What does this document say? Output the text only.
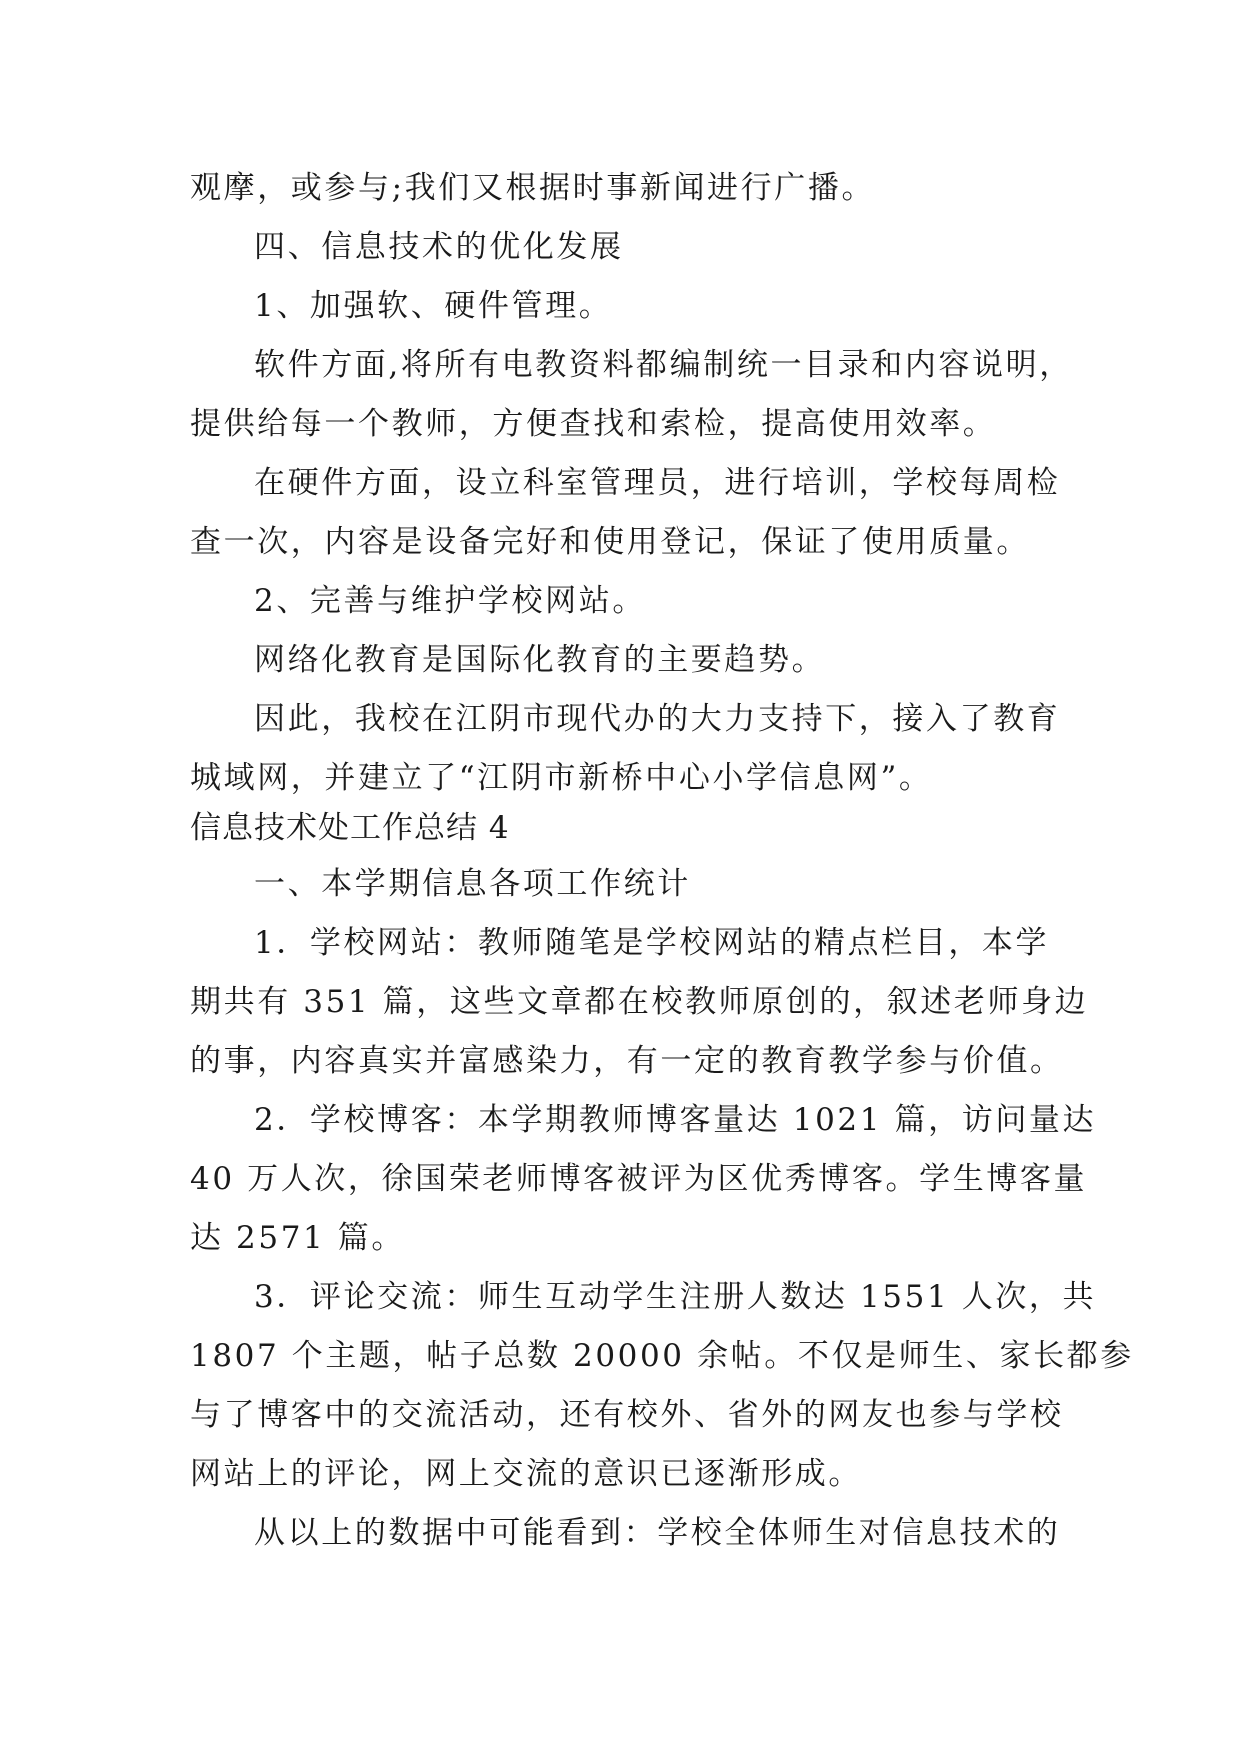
观摩，或参与;我们又根据时事新闻进行广播。
四、信息技术的优化发展
1、加强软、硬件管理。
软件方面,将所有电教资料都编制统一目录和内容说明，
提供给每一个教师，方便查找和索检，提高使用效率。
在硬件方面，设立科室管理员，进行培训，学校每周检
查一次，内容是设备完好和使用登记，保证了使用质量。
2、完善与维护学校网站。
网络化教育是国际化教育的主要趋势。
因此，我校在江阴市现代办的大力支持下，接入了教育
城域网，并建立了“江阴市新桥中心小学信息网”。
信息技术处工作总结 4
一、本学期信息各项工作统计
1．学校网站：教师随笔是学校网站的精点栏目，本学
期共有 351 篇，这些文章都在校教师原创的，叙述老师身边
的事，内容真实并富感染力，有一定的教育教学参与价值。
2．学校博客：本学期教师博客量达 1021 篇，访问量达
40 万人次，徐国荣老师博客被评为区优秀博客。学生博客量
达 2571 篇。
3．评论交流：师生互动学生注册人数达 1551 人次，共
1807 个主题，帖子总数 20000 余帖。不仅是师生、家长都参
与了博客中的交流活动，还有校外、省外的网友也参与学校
网站上的评论，网上交流的意识已逐渐形成。
从以上的数据中可能看到：学校全体师生对信息技术的
